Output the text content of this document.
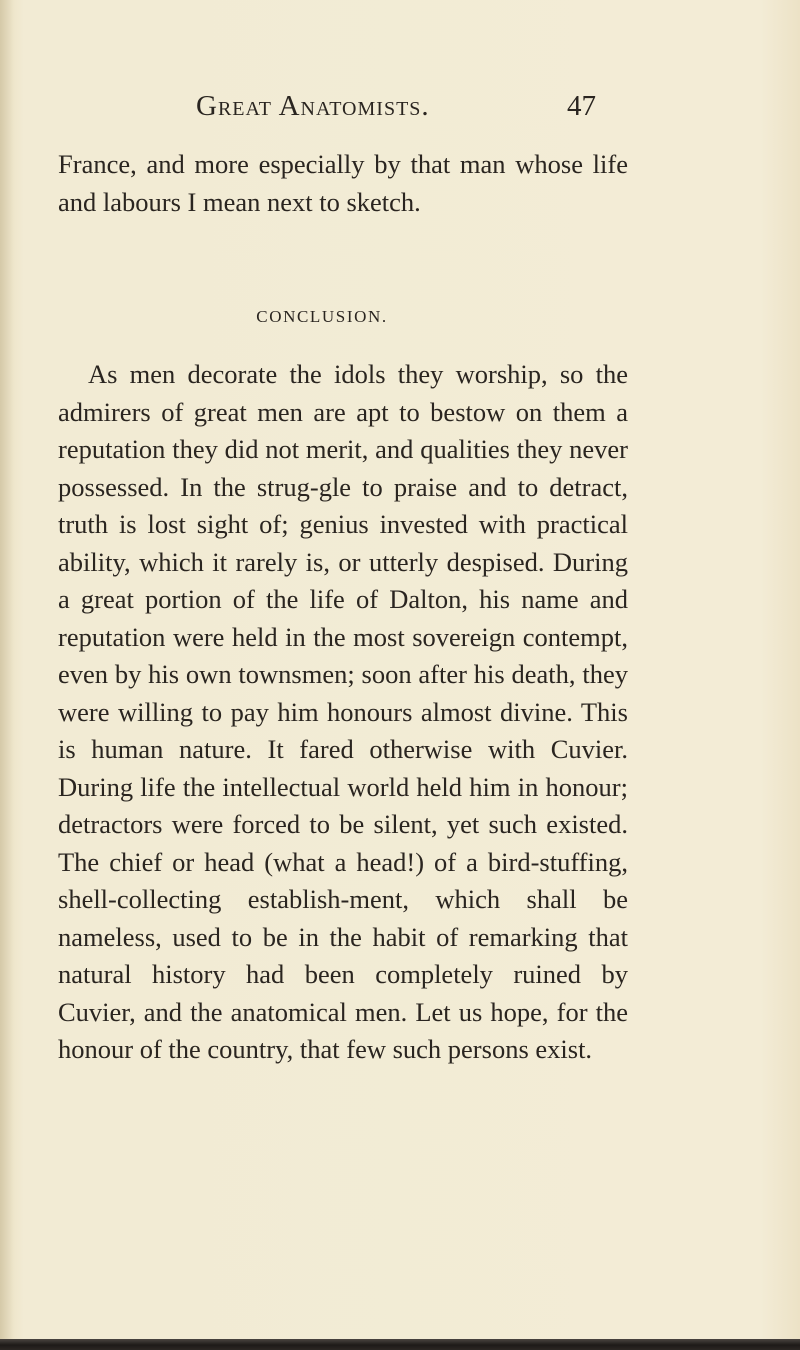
Great Anatomists.	47

France, and more especially by that man whose life and labours I mean next to sketch.

CONCLUSION.

As men decorate the idols they worship, so the admirers of great men are apt to bestow on them a reputation they did not merit, and qualities they never possessed. In the strug-gle to praise and to detract, truth is lost sight of; genius invested with practical ability, which it rarely is, or utterly despised. During a great portion of the life of Dalton, his name and reputation were held in the most sovereign contempt, even by his own townsmen; soon after his death, they were willing to pay him honours almost divine. This is human nature. It fared otherwise with Cuvier. During life the intellectual world held him in honour; detractors were forced to be silent, yet such existed. The chief or head (what a head!) of a bird-stuffing, shell-collecting establish-ment, which shall be nameless, used to be in the habit of remarking that natural history had been completely ruined by Cuvier, and the anatomical men. Let us hope, for the honour of the country, that few such persons exist.
